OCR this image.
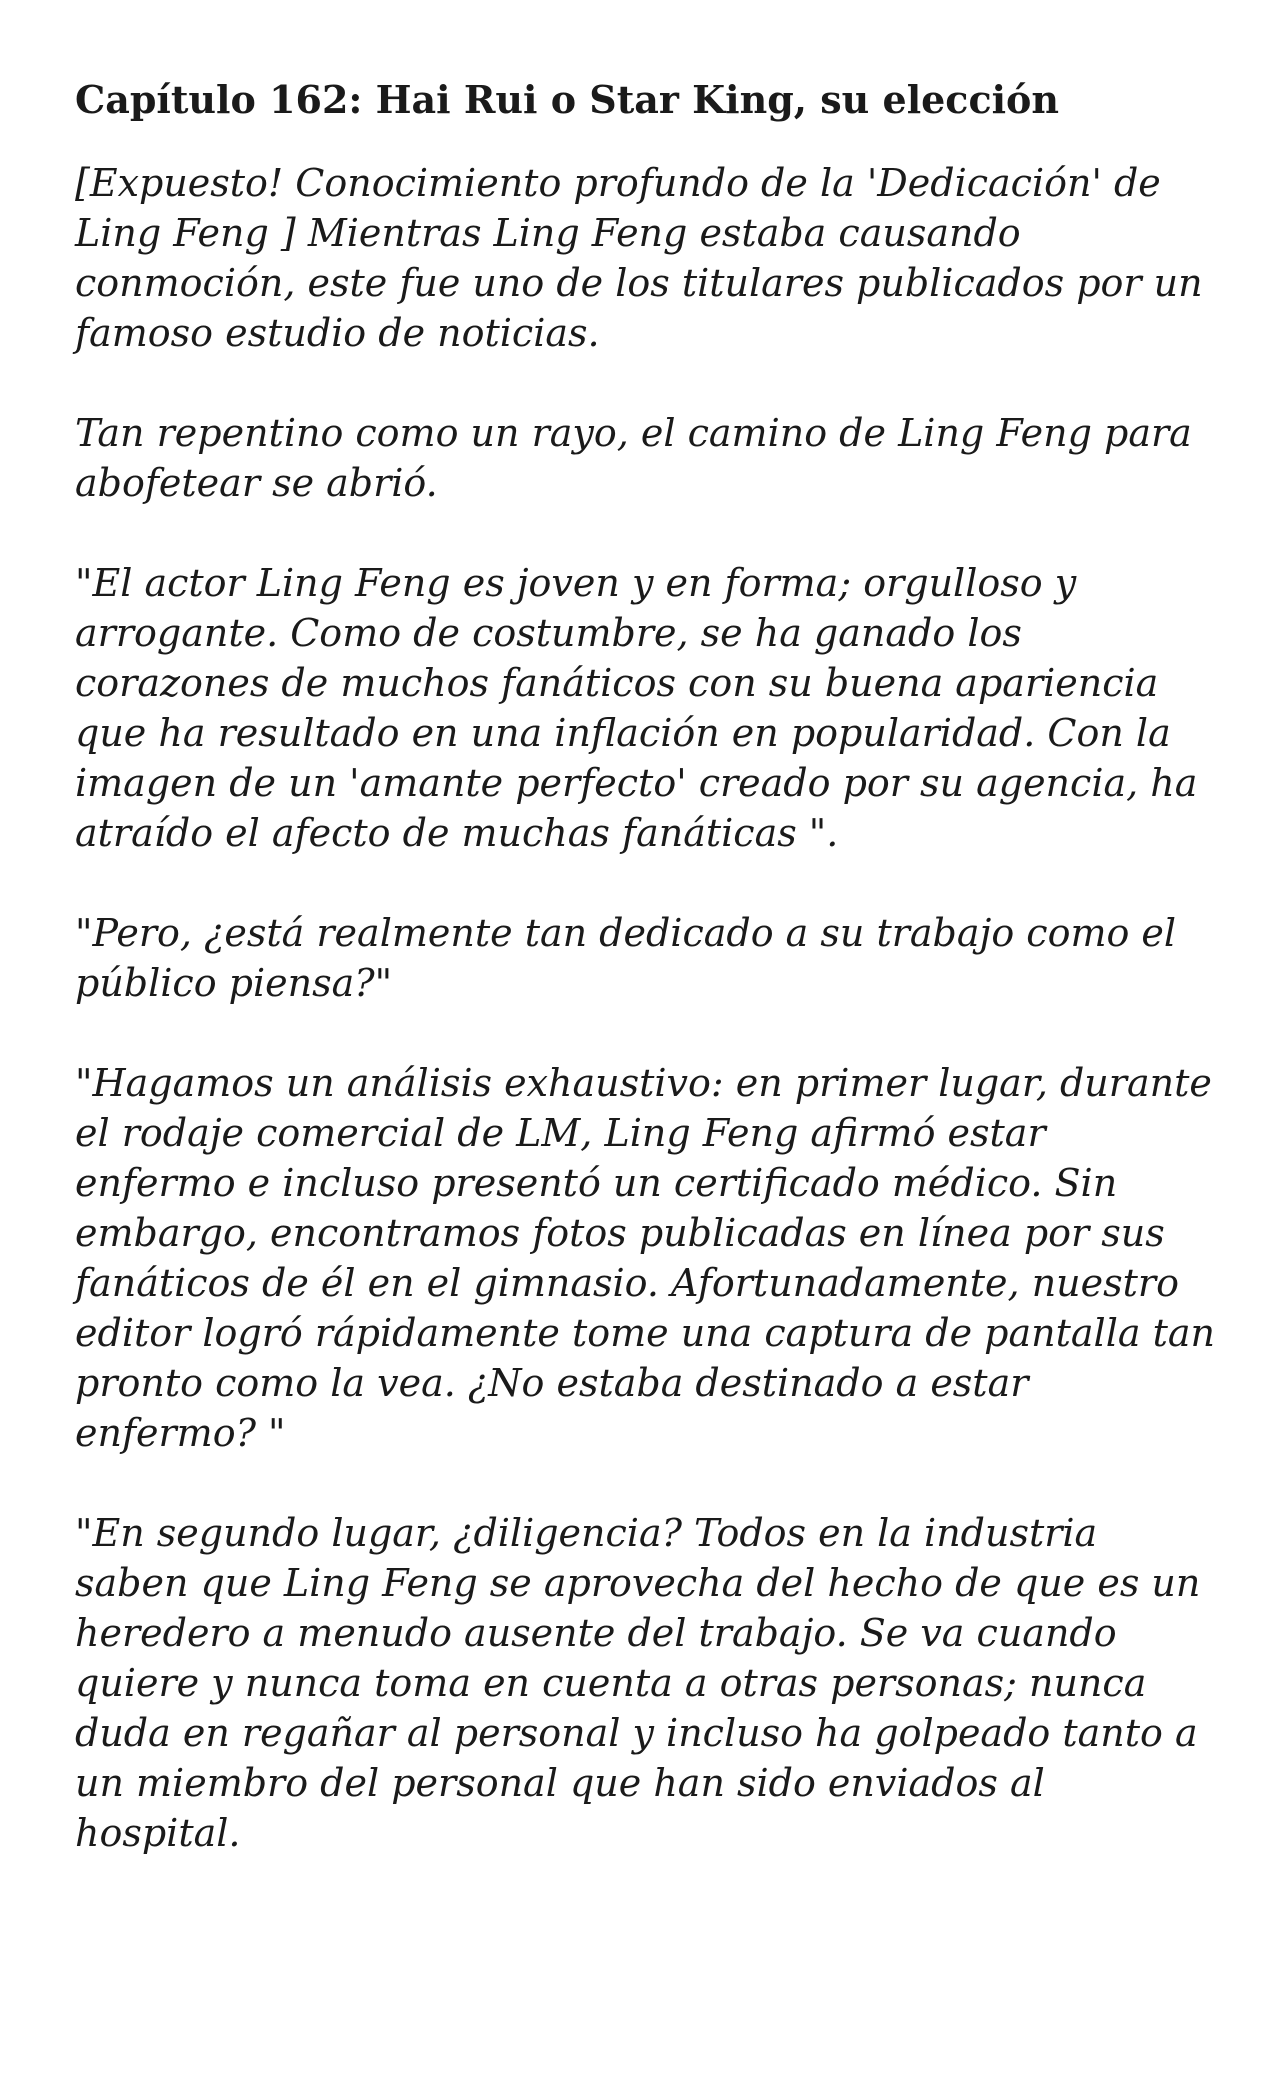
Capítulo 162: Hai Rui o Star King, su elección

[Expuesto! Conocimiento profundo de la 'Dedicación' de Ling Feng ] Mientras Ling Feng estaba causando conmoción, este fue uno de los titulares publicados por un famoso estudio de noticias.

Tan repentino como un rayo, el camino de Ling Feng para abofetear se abrió.

"El actor Ling Feng es joven y en forma; orgulloso y arrogante. Como de costumbre, se ha ganado los corazones de muchos fanáticos con su buena apariencia que ha resultado en una inflación en popularidad. Con la imagen de un 'amante perfecto' creado por su agencia, ha atraído el afecto de muchas fanáticas ".

"Pero, ¿está realmente tan dedicado a su trabajo como el público piensa?"

"Hagamos un análisis exhaustivo: en primer lugar, durante el rodaje comercial de LM, Ling Feng afirmó estar enfermo e incluso presentó un certificado médico. Sin embargo, encontramos fotos publicadas en línea por sus fanáticos de él en el gimnasio. Afortunadamente, nuestro editor logró rápidamente tome una captura de pantalla tan pronto como la vea. ¿No estaba destinado a estar enfermo? "

"En segundo lugar, ¿diligencia? Todos en la industria saben que Ling Feng se aprovecha del hecho de que es un heredero a menudo ausente del trabajo. Se va cuando quiere y nunca toma en cuenta a otras personas; nunca duda en regañar al personal y incluso ha golpeado tanto a un miembro del personal que han sido enviados al hospital.
